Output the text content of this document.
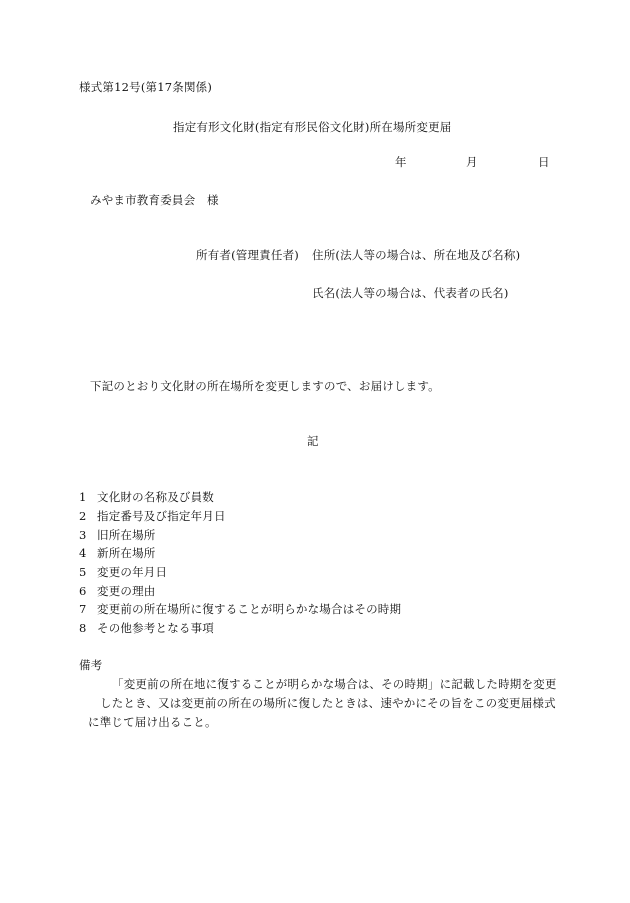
様式第12号(第17条関係)
指定有形文化財(指定有形民俗文化財)所在場所変更届
年	月	日
みやま市教育委員会　様
所有者(管理責任者) 住所(法人等の場合は、所在地及び名称)
氏名(法人等の場合は、代表者の氏名)
下記のとおり文化財の所在場所を変更しますので、お届けします。
記
1 文化財の名称及び員数
2 指定番号及び指定年月日
3 旧所在場所
4 新所在場所
5 変更の年月日
6 変更の理由
7 変更前の所在場所に復することが明らかな場合はその時期
8 その他参考となる事項
備考
「変更前の所在地に復することが明らかな場合は、その時期」に記載した時期を変更
したとき、又は変更前の所在の場所に復したときは、速やかにその旨をこの変更届様式
に準じて届け出ること。
